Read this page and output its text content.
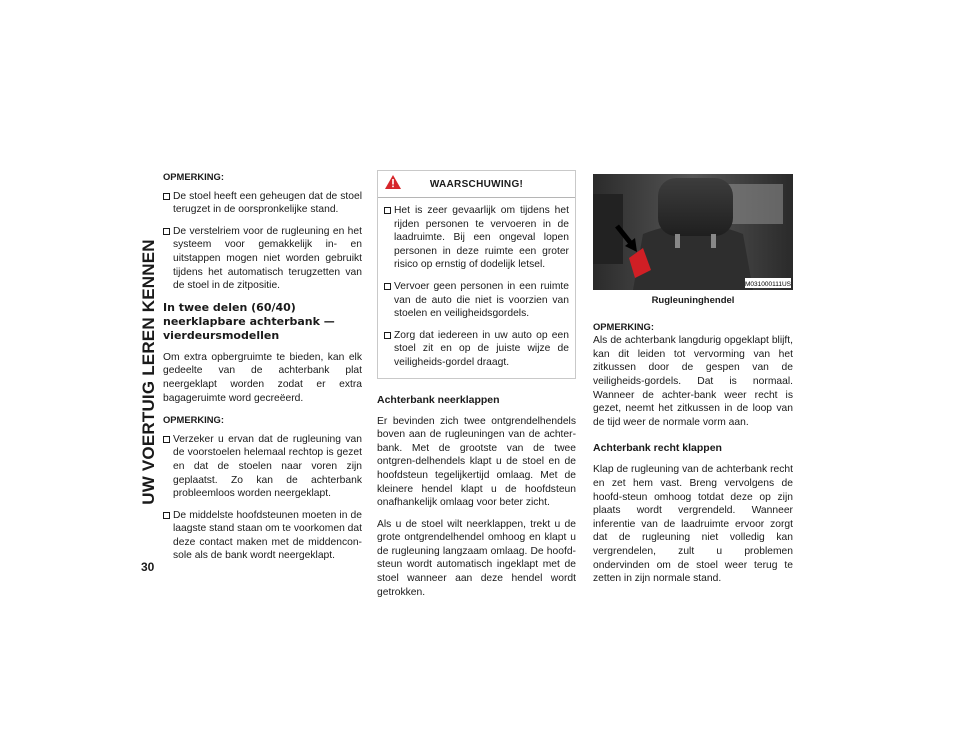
UW VOERTUIG LEREN KENNEN
30
OPMERKING:
De stoel heeft een geheugen dat de stoel terugzet in de oorspronkelijke stand.
De verstelriem voor de rugleuning en het systeem voor gemakkelijk in- en uitstappen mogen niet worden gebruikt tijdens het automatisch terugzetten van de stoel in de zitpositie.
In twee delen (60/40) neerklapbare achterbank — vierdeursmodellen

Om extra opbergruimte te bieden, kan elk gedeelte van de achterbank plat neergeklapt worden zodat er extra bagageruimte word gecreëerd.

OPMERKING:
Verzeker u ervan dat de rugleuning van de voorstoelen helemaal rechtop is gezet en dat de stoelen naar voren zijn geplaatst. Zo kan de achterbank probleemloos worden neergeklapt.
De middelste hoofdsteunen moeten in de laagste stand staan om te voorkomen dat deze contact maken met de middencon-sole als de bank wordt neergeklapt.
WAARSCHUWING!
Het is zeer gevaarlijk om tijdens het rijden personen te vervoeren in de laadruimte. Bij een ongeval lopen personen in deze ruimte een groter risico op ernstig of dodelijk letsel.
Vervoer geen personen in een ruimte van de auto die niet is voorzien van stoelen en veiligheidsgordels.
Zorg dat iedereen in uw auto op een stoel zit en op de juiste wijze de veiligheids-gordel draagt.
Achterbank neerklappen

Er bevinden zich twee ontgrendelhendels boven aan de rugleuningen van de achter-bank. Met de grootste van de twee ontgren-delhendels klapt u de stoel en de hoofdsteun tegelijkertijd omlaag. Met de kleinere hendel klapt u de hoofdsteun onafhankelijk omlaag voor beter zicht.

Als u de stoel wilt neerklappen, trekt u de grote ontgrendelhendel omhoog en klapt u de rugleuning langzaam omlaag. De hoofd-steun wordt automatisch ingeklapt met de stoel wanneer aan deze hendel wordt getrokken.

M031000111US
Rugleuninghendel
OPMERKING:

Als de achterbank langdurig opgeklapt blijft, kan dit leiden tot vervorming van het zitkussen door de gespen van de veiligheids-gordels. Dat is normaal. Wanneer de achter-bank weer recht is gezet, neemt het zitkussen in de loop van de tijd weer de normale vorm aan.

Achterbank recht klappen

Klap de rugleuning van de achterbank recht en zet hem vast. Breng vervolgens de hoofd-steun omhoog totdat deze op zijn plaats wordt vergrendeld. Wanneer inferentie van de laadruimte ervoor zorgt dat de rugleuning niet volledig kan vergrendelen, zult u problemen ondervinden om de stoel weer terug te zetten in zijn normale stand.
